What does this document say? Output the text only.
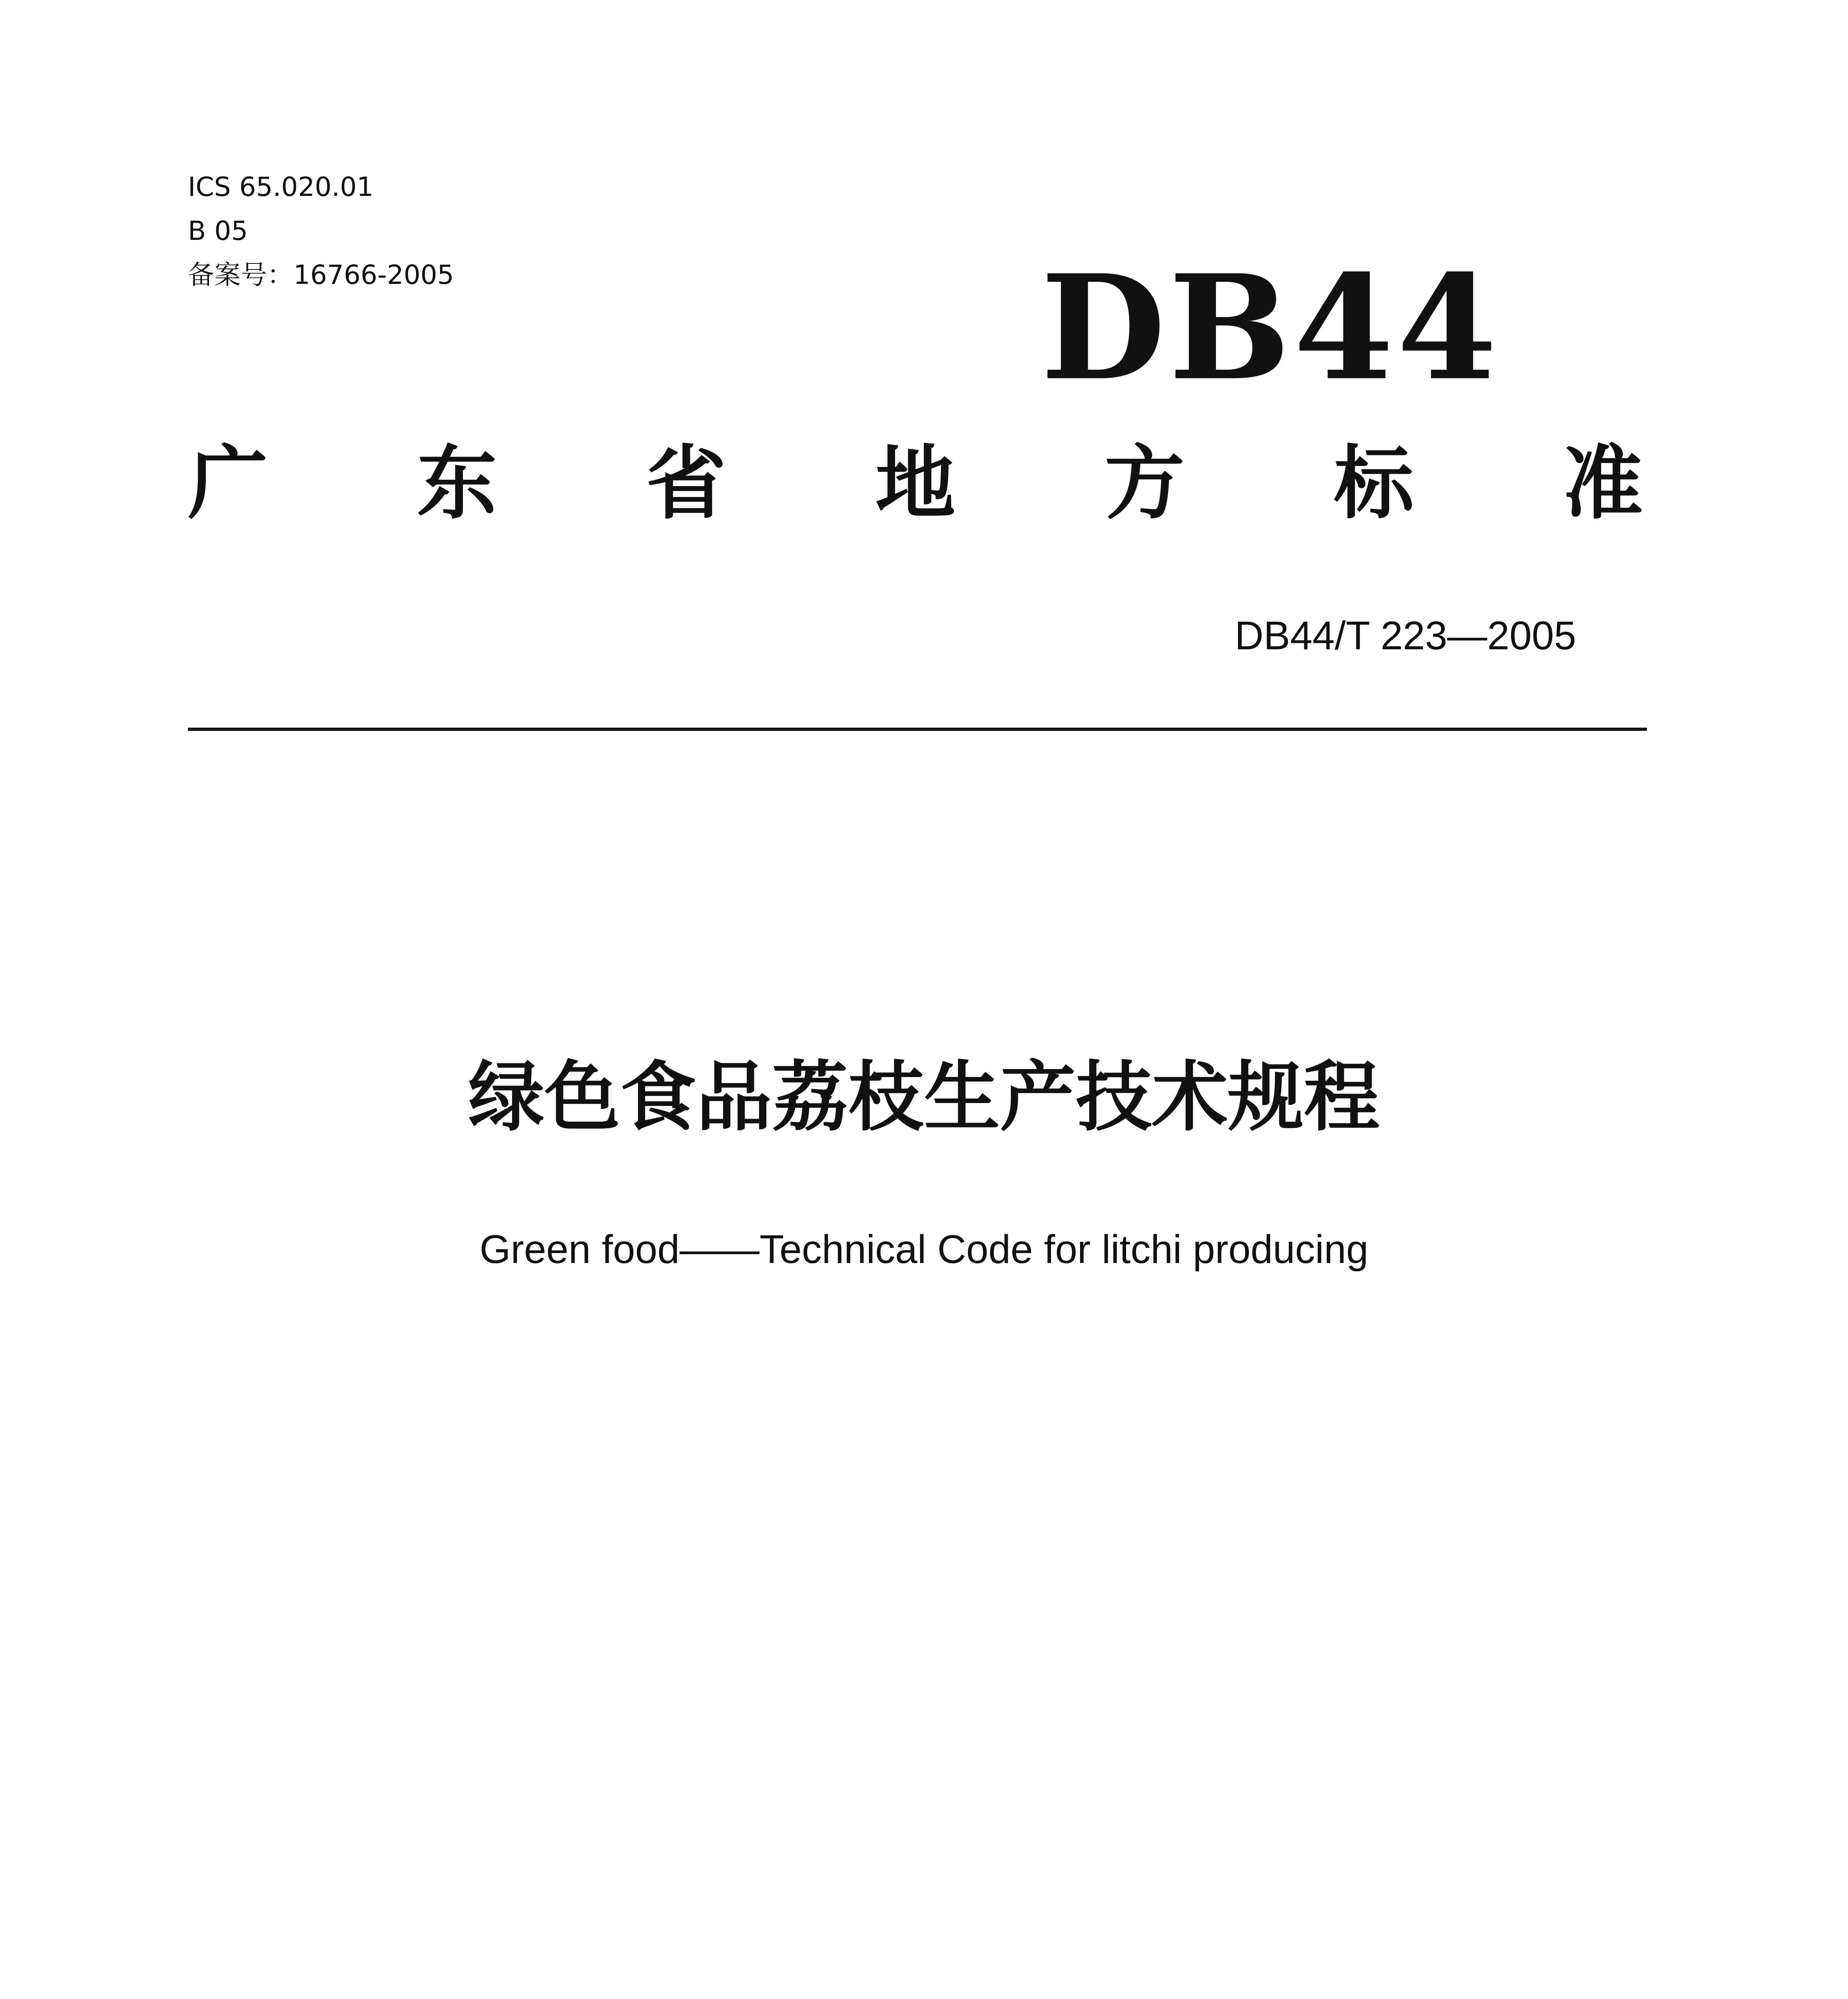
ICS 65.020.01
B 05
备案号：16766-2005	DB44
广 东 省 地 方 标 准
DB44/T 223—2005
绿色食品荔枝生产技术规程
Green food——Technical Code for litchi producing
